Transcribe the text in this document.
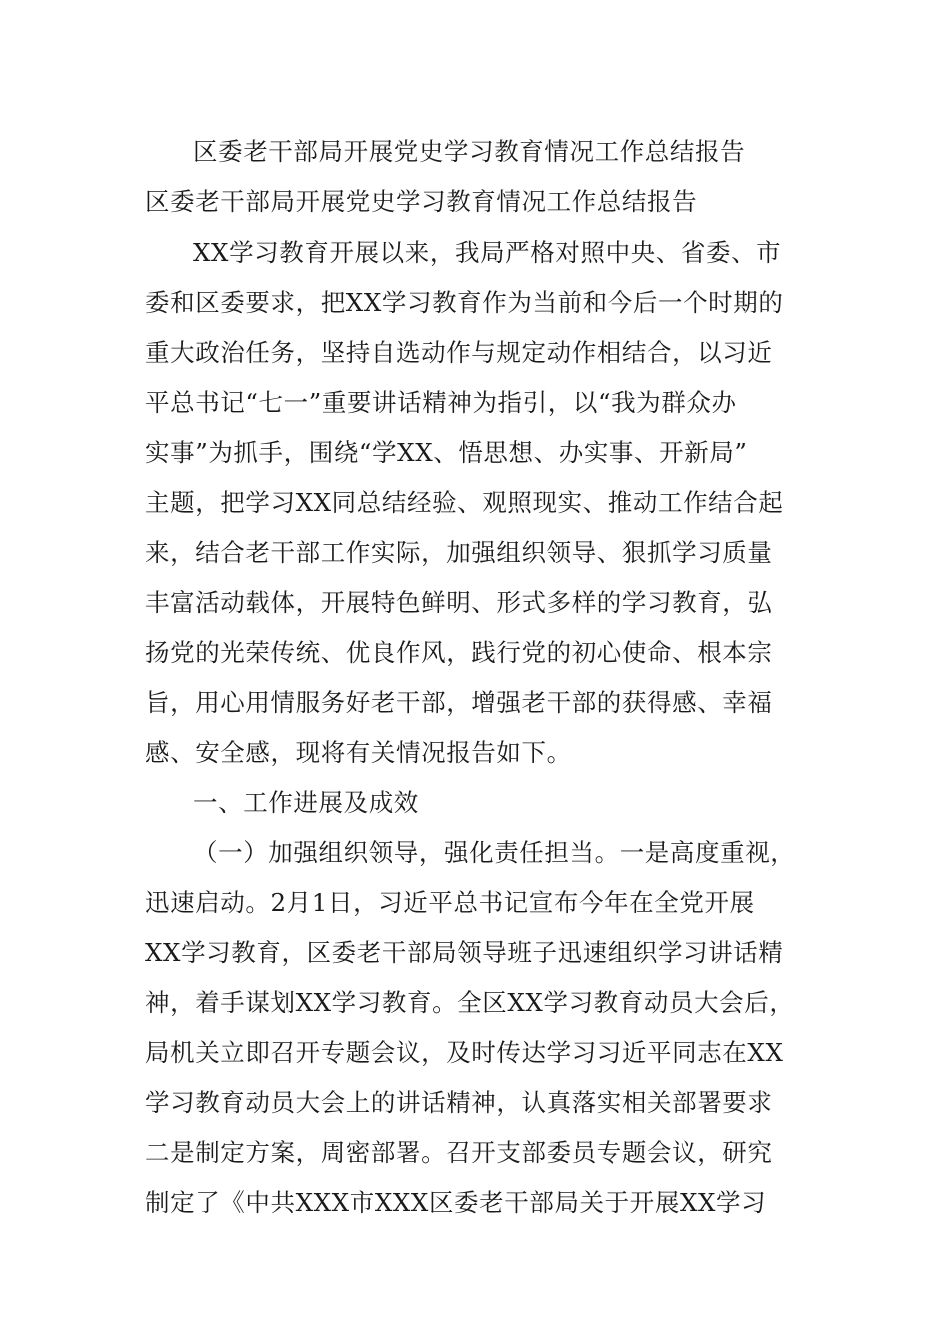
区委老干部局开展党史学习教育情况工作总结报告
区委老干部局开展党史学习教育情况工作总结报告
XX学习教育开展以来，我局严格对照中央、省委、市
委和区委要求，把XX学习教育作为当前和今后一个时期的
重大政治任务，坚持自选动作与规定动作相结合，以习近
平总书记“七一”重要讲话精神为指引，以“我为群众办
实事”为抓手，围绕“学XX、悟思想、办实事、开新局”
主题，把学习XX同总结经验、观照现实、推动工作结合起
来，结合老干部工作实际，加强组织领导、狠抓学习质量
丰富活动载体，开展特色鲜明、形式多样的学习教育，弘
扬党的光荣传统、优良作风，践行党的初心使命、根本宗
旨，用心用情服务好老干部，增强老干部的获得感、幸福
感、安全感，现将有关情况报告如下。
一、工作进展及成效
（一）加强组织领导，强化责任担当。一是高度重视，
迅速启动。2月1日，习近平总书记宣布今年在全党开展
XX学习教育，区委老干部局领导班子迅速组织学习讲话精
神，着手谋划XX学习教育。全区XX学习教育动员大会后，
局机关立即召开专题会议，及时传达学习习近平同志在XX
学习教育动员大会上的讲话精神，认真落实相关部署要求
二是制定方案，周密部署。召开支部委员专题会议，研究
制定了《中共XXX市XXX区委老干部局关于开展XX学习
